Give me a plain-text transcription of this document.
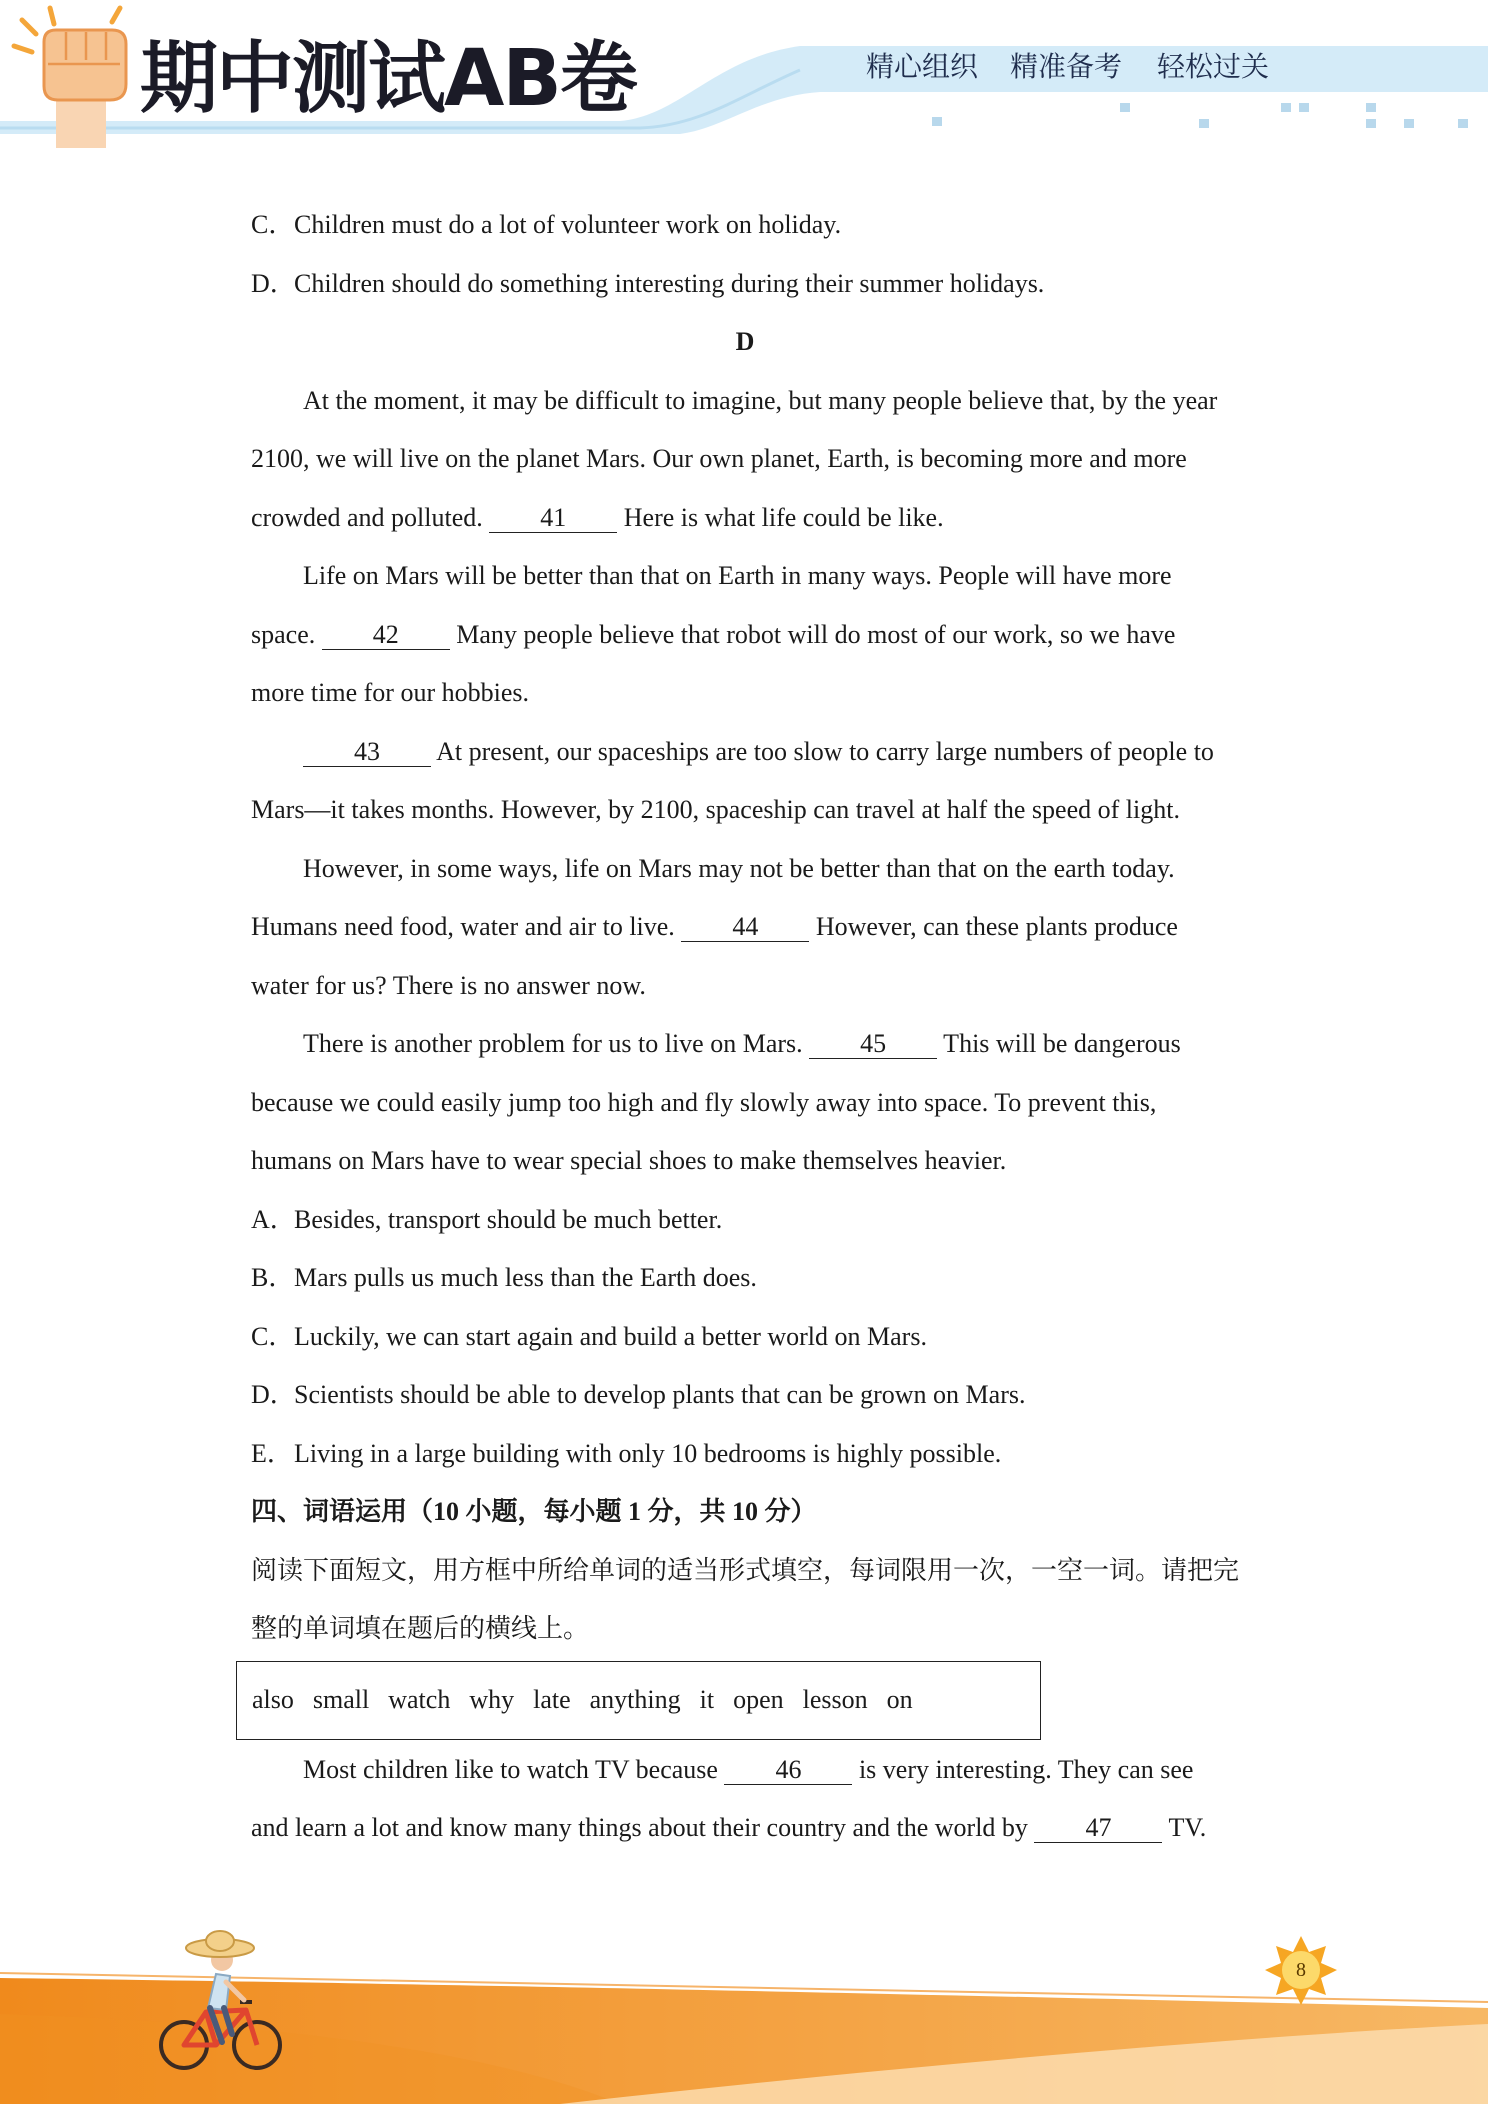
期中测试AB卷	精心组织 精准备考 轻松过关
C．Children must do a lot of volunteer work on holiday.
D．Children should do something interesting during their summer holidays.
D
At the moment, it may be difficult to imagine, but many people believe that, by the year
2100, we will live on the planet Mars. Our own planet, Earth, is becoming more and more
crowded and polluted. 41 Here is what life could be like.
Life on Mars will be better than that on Earth in many ways. People will have more
space. 42 Many people believe that robot will do most of our work, so we have
more time for our hobbies.
43 At present, our spaceships are too slow to carry large numbers of people to
Mars—it takes months. However, by 2100, spaceship can travel at half the speed of light.
However, in some ways, life on Mars may not be better than that on the earth today.
Humans need food, water and air to live. 44 However, can these plants produce
water for us? There is no answer now.
There is another problem for us to live on Mars. 45 This will be dangerous
because we could easily jump too high and fly slowly away into space. To prevent this,
humans on Mars have to wear special shoes to make themselves heavier.
A．Besides, transport should be much better.
B．Mars pulls us much less than the Earth does.
C．Luckily, we can start again and build a better world on Mars.
D．Scientists should be able to develop plants that can be grown on Mars.
E．Living in a large building with only 10 bedrooms is highly possible.
四、词语运用（10 小题，每小题 1 分，共 10 分）
阅读下面短文，用方框中所给单词的适当形式填空，每词限用一次，一空一词。请把完
整的单词填在题后的横线上。
also small watch why late anything it open lesson on
Most children like to watch TV because 46 is very interesting. They can see
and learn a lot and know many things about their country and the world by 47 TV.
8
